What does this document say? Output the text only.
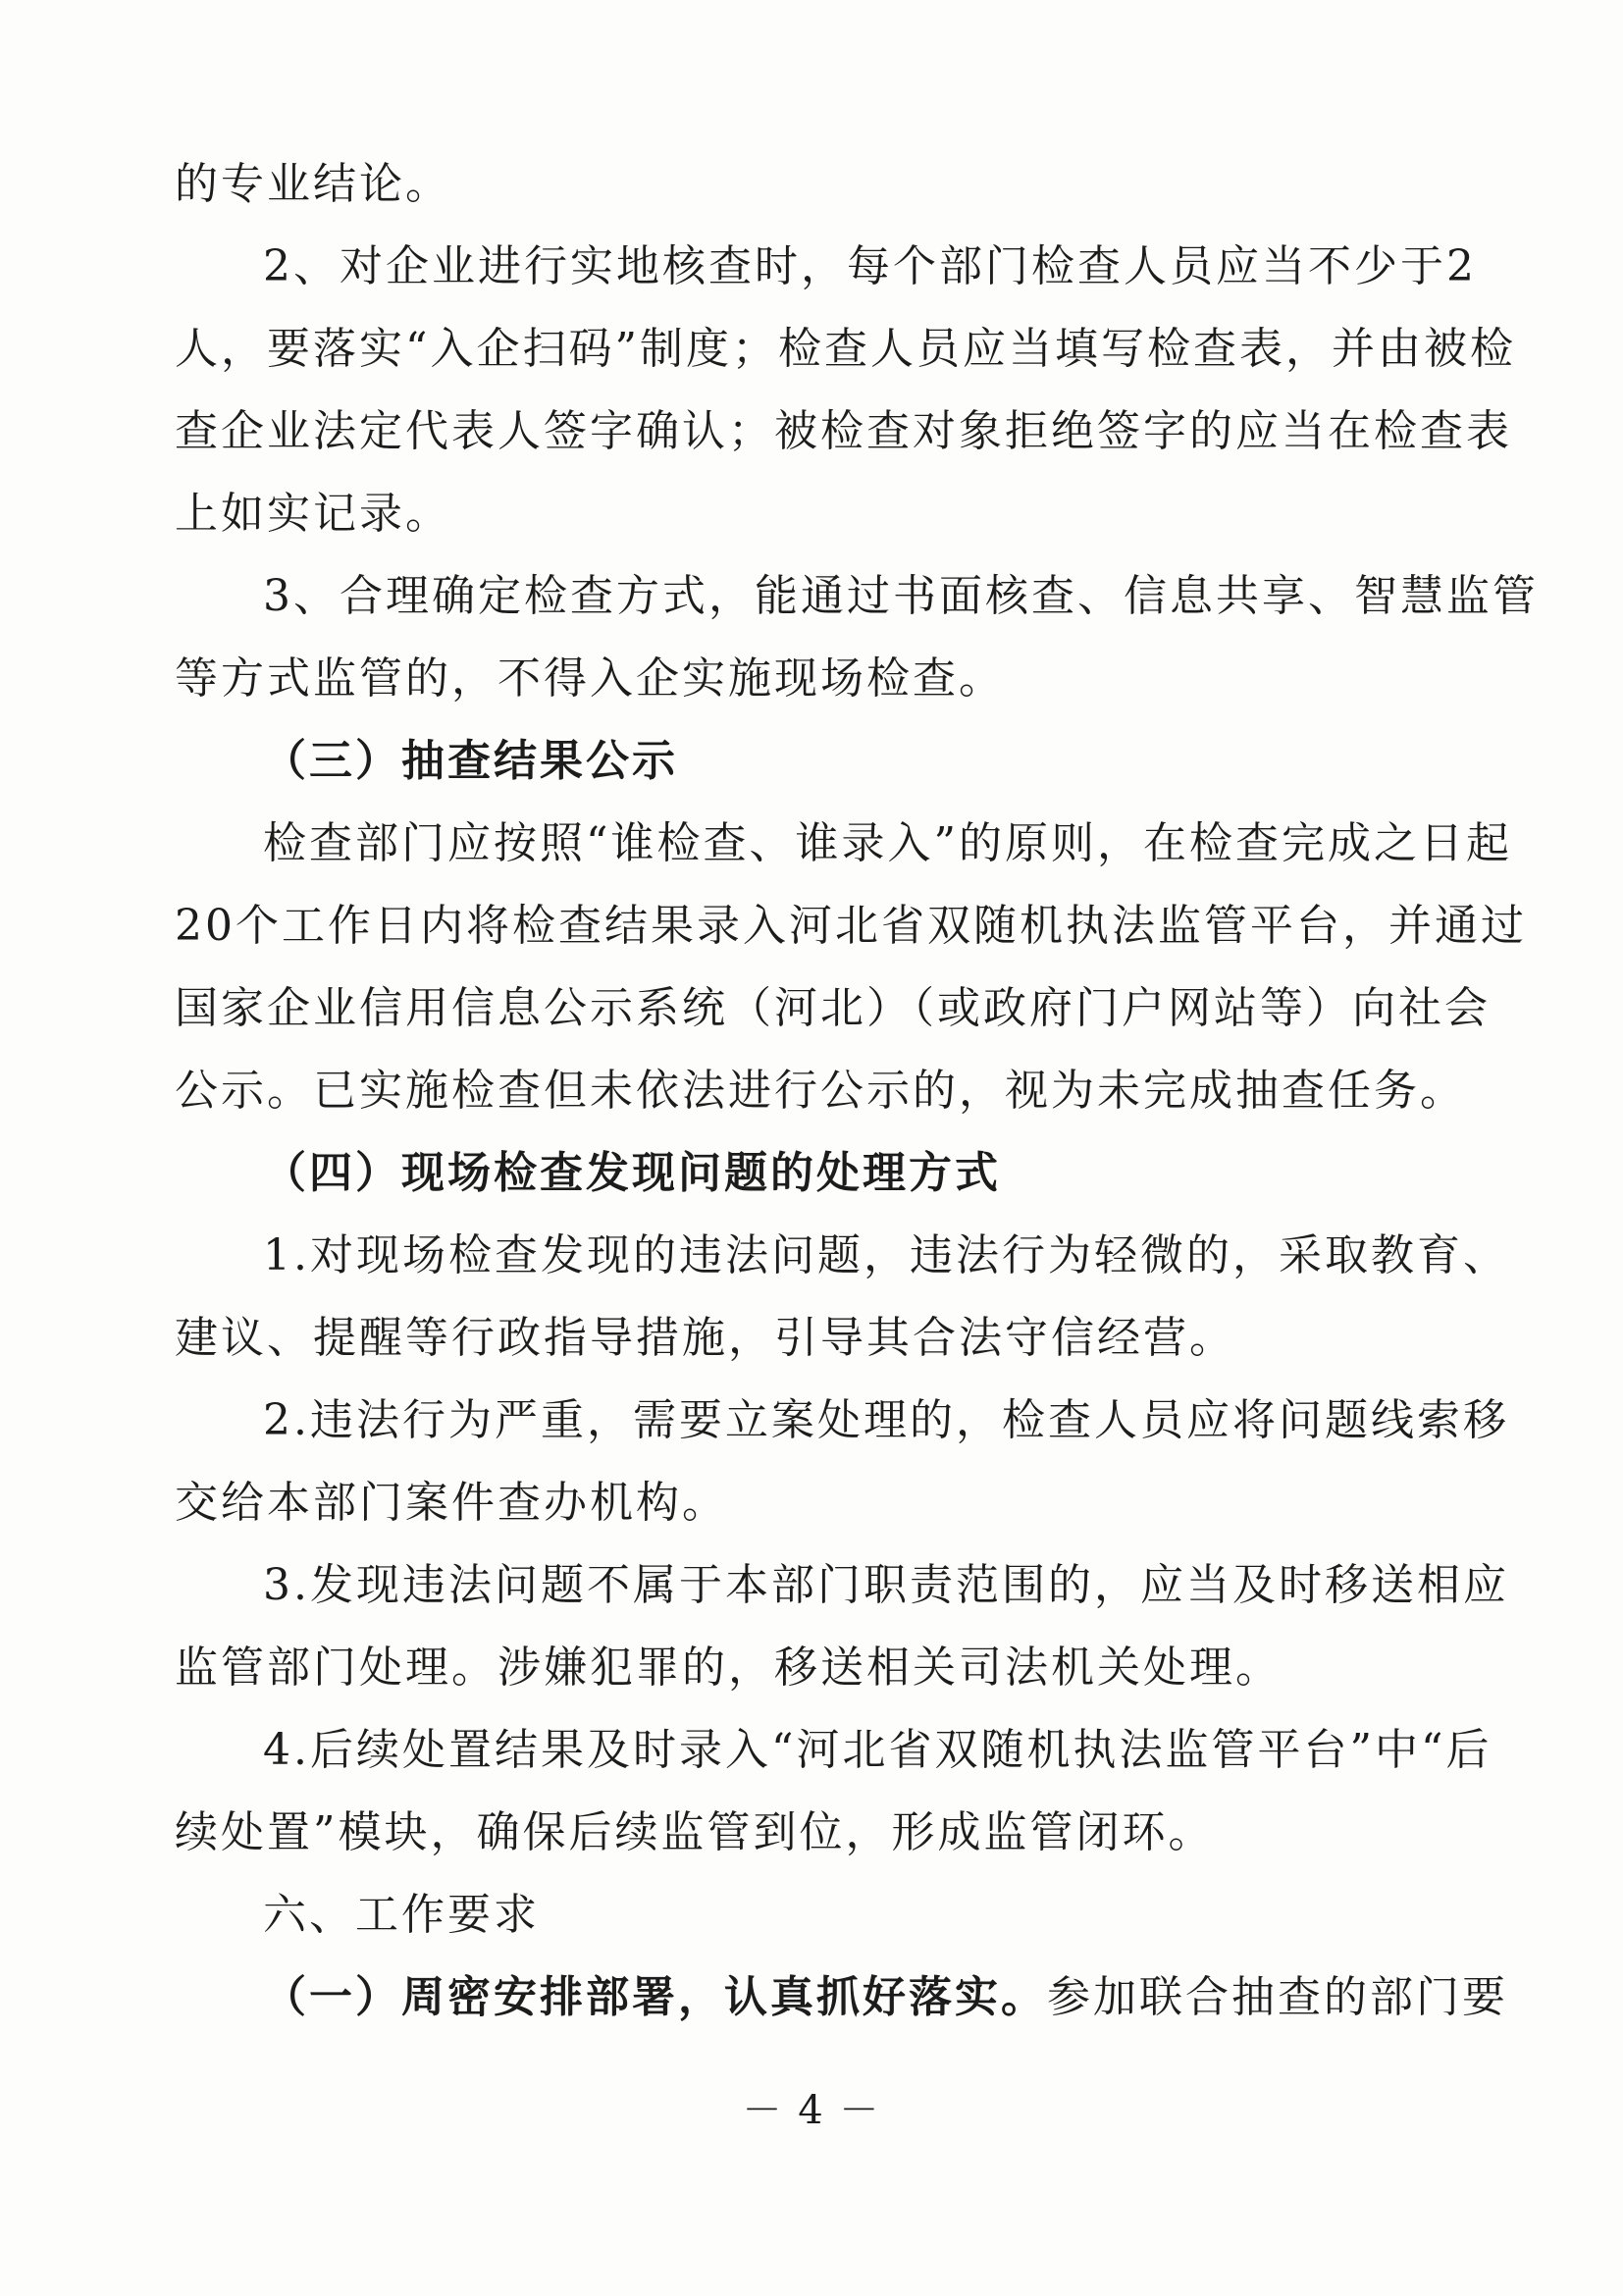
的专业结论。
2、对企业进行实地核查时，每个部门检查人员应当不少于2
人，要落实“入企扫码”制度；检查人员应当填写检查表，并由被检
查企业法定代表人签字确认；被检查对象拒绝签字的应当在检查表
上如实记录。
3、合理确定检查方式，能通过书面核查、信息共享、智慧监管
等方式监管的，不得入企实施现场检查。
（三）抽查结果公示
检查部门应按照“谁检查、谁录入”的原则，在检查完成之日起
20个工作日内将检查结果录入河北省双随机执法监管平台，并通过
国家企业信用信息公示系统（河北）（或政府门户网站等）向社会
公示。已实施检查但未依法进行公示的，视为未完成抽查任务。
（四）现场检查发现问题的处理方式
1.对现场检查发现的违法问题，违法行为轻微的，采取教育、
建议、提醒等行政指导措施，引导其合法守信经营。
2.违法行为严重，需要立案处理的，检查人员应将问题线索移
交给本部门案件查办机构。
3.发现违法问题不属于本部门职责范围的，应当及时移送相应
监管部门处理。涉嫌犯罪的，移送相关司法机关处理。
4.后续处置结果及时录入“河北省双随机执法监管平台”中“后
续处置”模块，确保后续监管到位，形成监管闭环。
六、工作要求
（一）周密安排部署，认真抓好落实。参加联合抽查的部门要
－ 4 －
